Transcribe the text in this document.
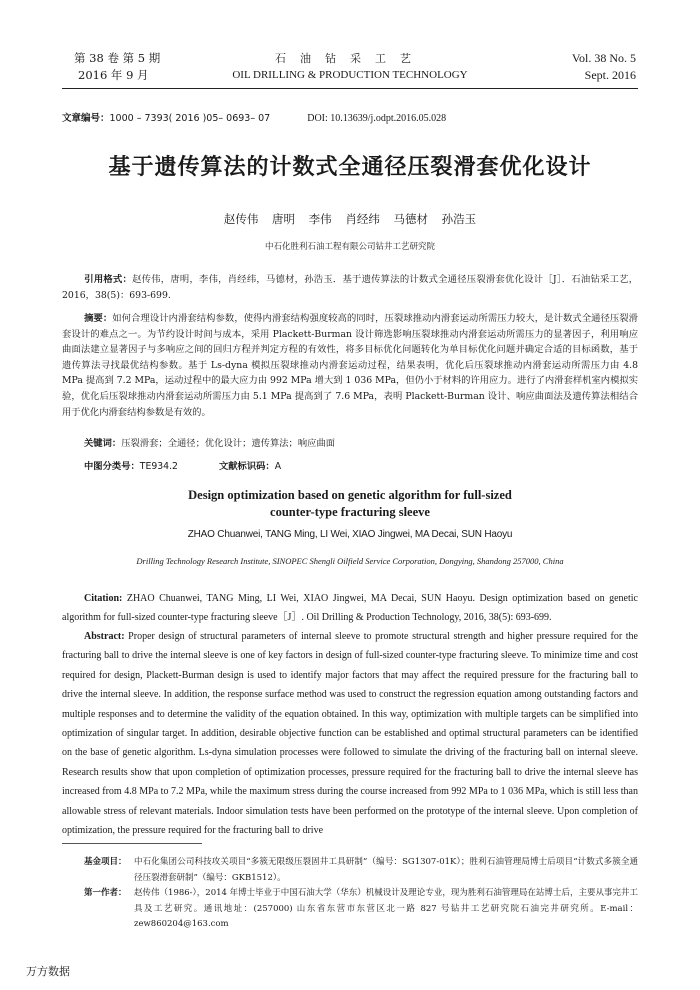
第 38 卷 第 5 期
2016 年 9 月
石油钻采工艺
OIL DRILLING & PRODUCTION TECHNOLOGY
Vol. 38 No. 5
Sept. 2016
文章编号：1000 – 7393( 2016 )05– 0693– 07	DOI: 10.13639/j.odpt.2016.05.028
基于遗传算法的计数式全通径压裂滑套优化设计
赵传伟 唐明 李伟 肖经纬 马德材 孙浩玉
中石化胜利石油工程有限公司钻井工艺研究院
引用格式：赵传伟，唐明，李伟，肖经纬，马德材，孙浩玉．基于遗传算法的计数式全通径压裂滑套优化设计［J］．石油钻采工艺，2016，38(5)：693-699.
摘要：如何合理设计内滑套结构参数，使得内滑套结构强度较高的同时，压裂球推动内滑套运动所需压力较大，是计数式全通径压裂滑套设计的难点之一。为节约设计时间与成本，采用 Plackett-Burman 设计筛选影响压裂球推动内滑套运动所需压力的显著因子，利用响应曲面法建立显著因子与多响应之间的回归方程并判定方程的有效性，将多目标优化问题转化为单目标优化问题并确定合适的目标函数，基于遗传算法寻找最优结构参数。基于 Ls-dyna 模拟压裂球推动内滑套运动过程，结果表明，优化后压裂球推动内滑套运动所需压力由 4.8 MPa 提高到 7.2 MPa，运动过程中的最大应力由 992 MPa 增大到 1 036 MPa，但仍小于材料的许用应力。进行了内滑套样机室内模拟实验，优化后压裂球推动内滑套运动所需压力由 5.1 MPa 提高到了 7.6 MPa，表明 Plackett-Burman 设计、响应曲面法及遗传算法相结合用于优化内滑套结构参数是有效的。
关键词：压裂滑套；全通径；优化设计；遗传算法；响应曲面
中图分类号：TE934.2	文献标识码：A
Design optimization based on genetic algorithm for full-sized
counter-type fracturing sleeve
ZHAO Chuanwei, TANG Ming, LI Wei, XIAO Jingwei, MA Decai, SUN Haoyu
Drilling Technology Research Institute, SINOPEC Shengli Oilfield Service Corporation, Dongying, Shandong 257000, China
Citation: ZHAO Chuanwei, TANG Ming, LI Wei, XIAO Jingwei, MA Decai, SUN Haoyu. Design optimization based on genetic algorithm for full-sized counter-type fracturing sleeve［J］. Oil Drilling & Production Technology, 2016, 38(5): 693-699.
Abstract: Proper design of structural parameters of internal sleeve to promote structural strength and higher pressure required for the fracturing ball to drive the internal sleeve is one of key factors in design of full-sized counter-type fracturing sleeve. To minimize time and cost required for design, Plackett-Burman design is used to identify major factors that may affect the required pressure for the fracturing ball to drive the internal sleeve. In addition, the response surface method was used to construct the regression equation among outstanding factors and multiple responses and to determine the validity of the equation obtained. In this way, optimization with multiple targets can be simplified into optimization of singular target. In addition, desirable objective function can be established and optimal structural parameters can be identified on the base of genetic algorithm. Ls-dyna simulation processes were followed to simulate the driving of the fracturing ball on internal sleeve. Research results show that upon completion of optimization processes, pressure required for the fracturing ball to drive the internal sleeve has increased from 4.8 MPa to 7.2 MPa, while the maximum stress during the course increased from 992 MPa to 1 036 MPa, which is still less than allowable stress of relevant materials. Indoor simulation tests have been performed on the prototype of the internal sleeve. Upon completion of optimization, the pressure required for the fracturing ball to drive
基金项目： 中石化集团公司科技攻关项目“多簇无限级压裂固井工具研制”（编号：SG1307-01K）；胜利石油管理局博士后项目“计数式多簇全通径压裂滑套研制”（编号：GKB1512）。
第一作者： 赵传伟（1986-），2014 年博士毕业于中国石油大学（华东）机械设计及理论专业，现为胜利石油管理局在站博士后，主要从事完井工具及工艺研究。通讯地址：(257000) 山东省东营市东营区北一路 827 号钻井工艺研究院石油完井研究所。E-mail：zew860204@163.com
万方数据
